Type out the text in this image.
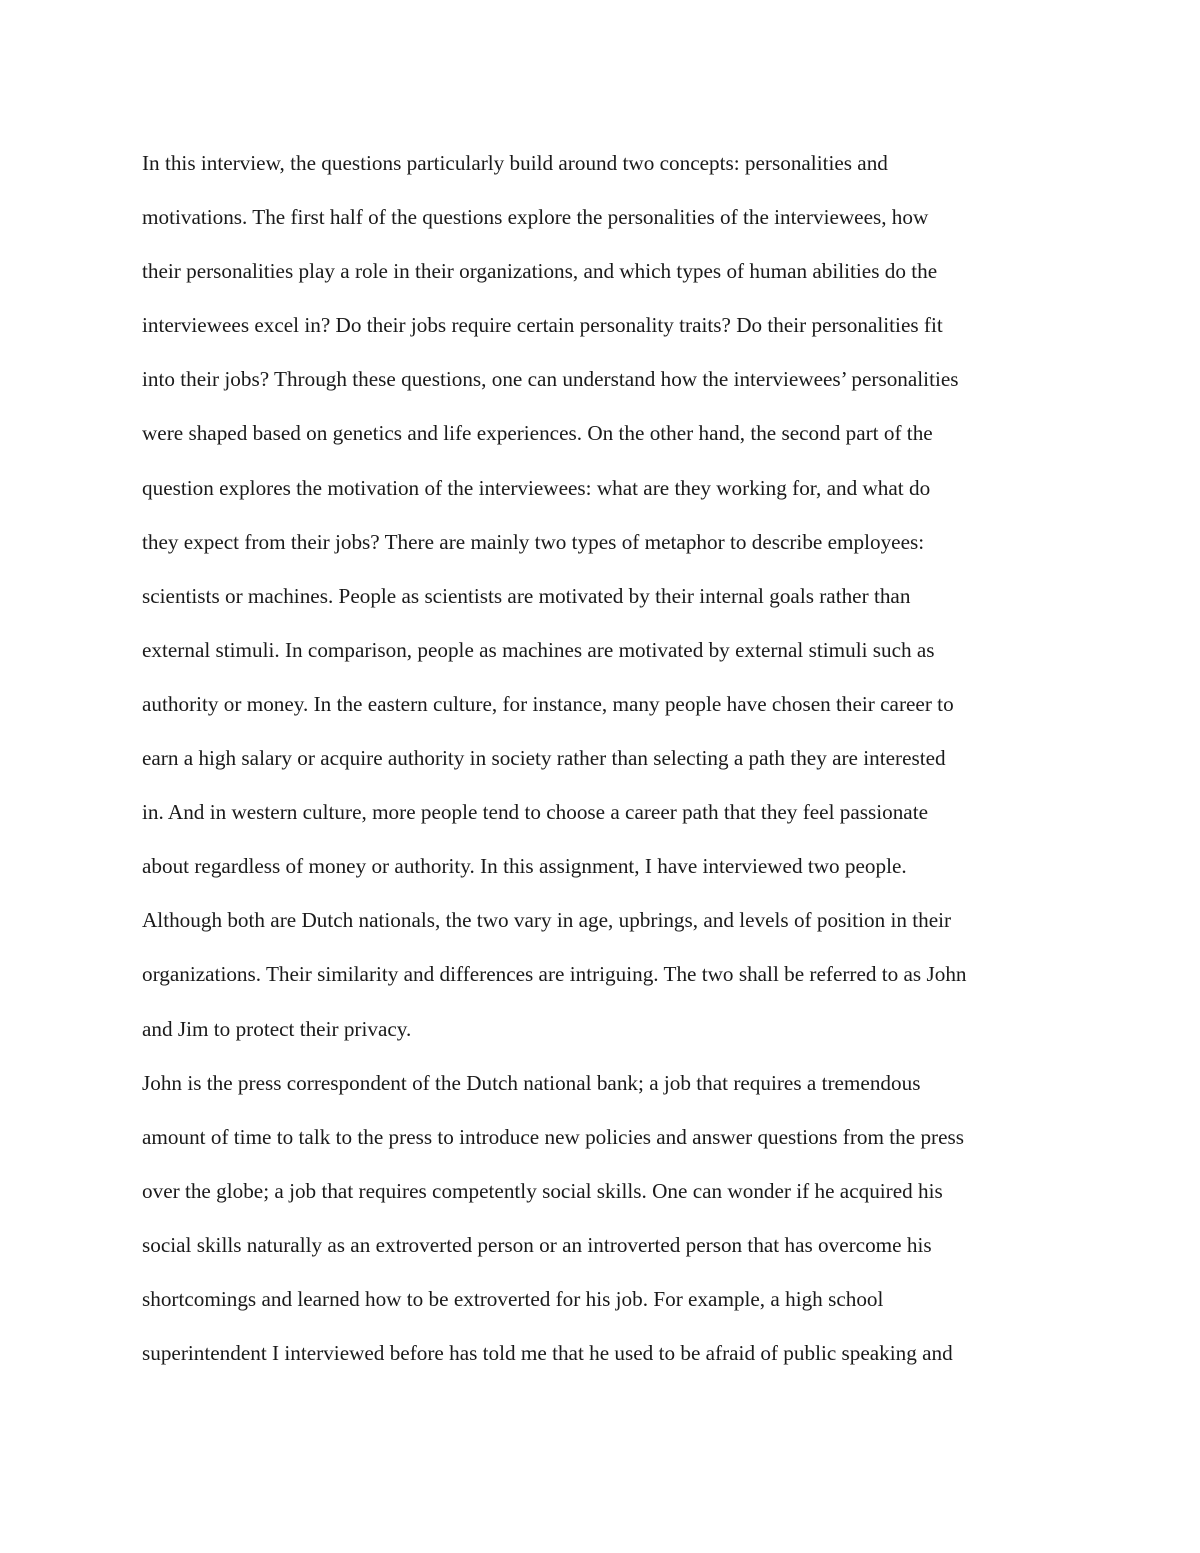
In this interview, the questions particularly build around two concepts: personalities and
motivations. The first half of the questions explore the personalities of the interviewees, how
their personalities play a role in their organizations, and which types of human abilities do the
interviewees excel in? Do their jobs require certain personality traits? Do their personalities fit
into their jobs? Through these questions, one can understand how the interviewees’ personalities
were shaped based on genetics and life experiences. On the other hand, the second part of the
question explores the motivation of the interviewees: what are they working for, and what do
they expect from their jobs? There are mainly two types of metaphor to describe employees:
scientists or machines. People as scientists are motivated by their internal goals rather than
external stimuli. In comparison, people as machines are motivated by external stimuli such as
authority or money. In the eastern culture, for instance, many people have chosen their career to
earn a high salary or acquire authority in society rather than selecting a path they are interested
in. And in western culture, more people tend to choose a career path that they feel passionate
about regardless of money or authority. In this assignment, I have interviewed two people.
Although both are Dutch nationals, the two vary in age, upbrings, and levels of position in their
organizations. Their similarity and differences are intriguing. The two shall be referred to as John
and Jim to protect their privacy.
John is the press correspondent of the Dutch national bank; a job that requires a tremendous
amount of time to talk to the press to introduce new policies and answer questions from the press
over the globe; a job that requires competently social skills. One can wonder if he acquired his
social skills naturally as an extroverted person or an introverted person that has overcome his
shortcomings and learned how to be extroverted for his job. For example, a high school
superintendent I interviewed before has told me that he used to be afraid of public speaking and
